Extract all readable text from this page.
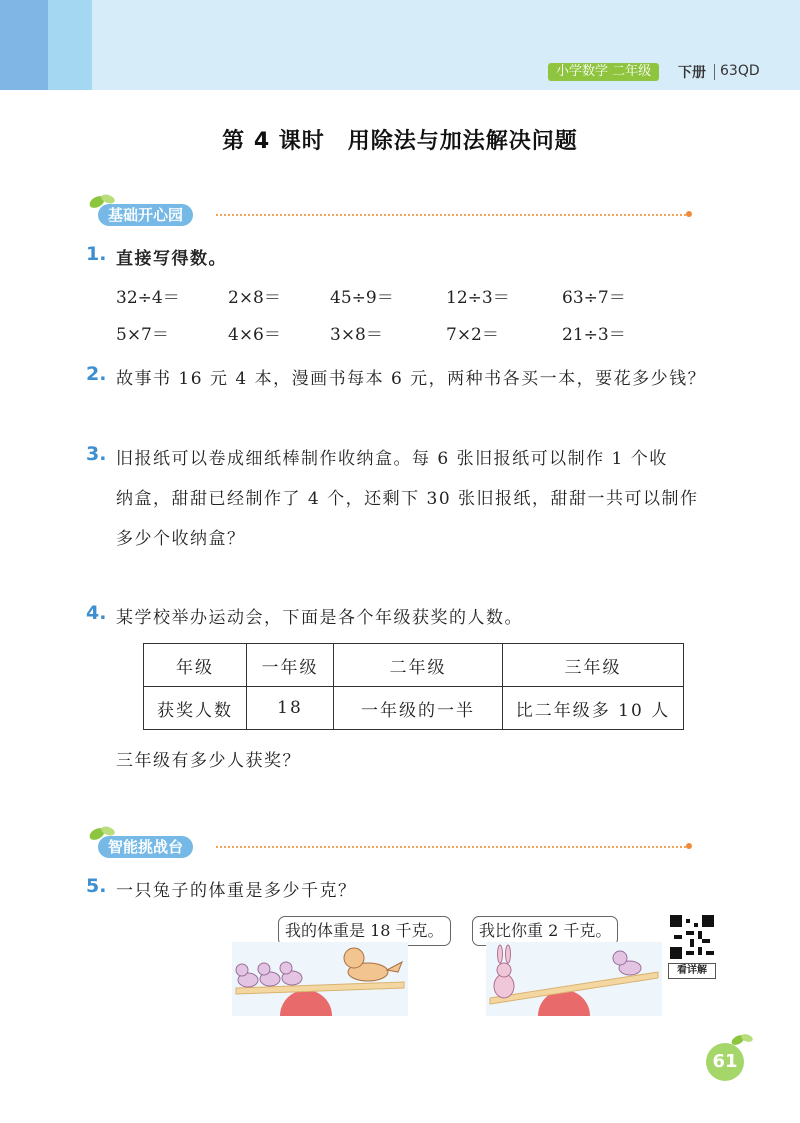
小学数学 二年级	下册 63QD
第 4 课时　用除法与加法解决问题
基础开心园
1. 直接写得数。
32÷4＝	2×8＝	45÷9＝	12÷3＝	63÷7＝
5×7＝	4×6＝	3×8＝	7×2＝	21÷3＝
2. 故事书 16 元 4 本，漫画书每本 6 元，两种书各买一本，要花多少钱？
3. 旧报纸可以卷成细纸棒制作收纳盒。每 6 张旧报纸可以制作 1 个收
纳盒，甜甜已经制作了 4 个，还剩下 30 张旧报纸，甜甜一共可以制作
多少个收纳盒？
4. 某学校举办运动会，下面是各个年级获奖的人数。
年级	一年级	二年级	三年级
获奖人数	18	一年级的一半	比二年级多 10 人
三年级有多少人获奖？
智能挑战台
5. 一只兔子的体重是多少千克？
我的体重是 18 千克。	我比你重 2 千克。
看详解
61
